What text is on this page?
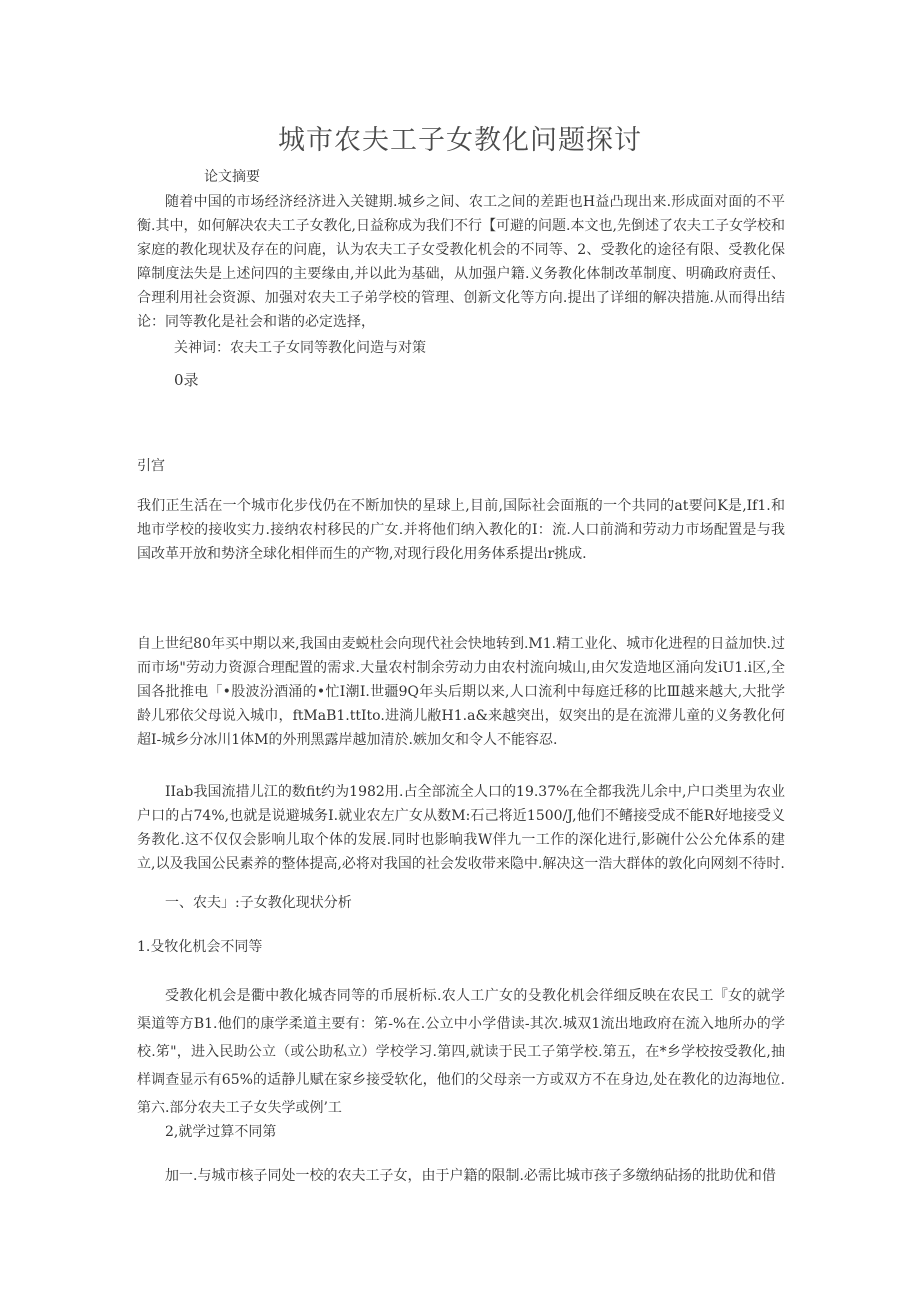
城市农夫工子女教化问题探讨
论文摘要

随着中国的市场经济经济进入关键期.城乡之间、农工之间的差距也H益凸现出来.形成面对面的不平衡.其中，如何解决农夫工子女教化,日益称成为我们不行【可避的问题.本文也,先倒述了农夫工子女学校和家庭的教化现状及存在的问鹿，认为农夫工子女受教化机会的不同等、2、受教化的途径有限、受教化保障制度法失是上述问四的主要缘由,并以此为基础，从加强户籍.义务教化体制改革制度、明确政府责任、合理利用社会资源、加强对农夫工子弟学校的管理、创新文化等方向.提出了详细的解决措施.从而得出结论：同等教化是社会和谐的必定选择，

关神词：农夫工子女同等教化问造与对策
0录
引宫

我们正生活在一个城市化步伐仍在不断加快的星球上,目前,国际社会面瓶的一个共同的at要问K是,If1.和地市学校的接收实力.接纳农村移民的广女.并将他们纳入教化的I：流.人口前淌和劳动力市场配置是与我国改革开放和势济全球化相伴而生的产物,对现行段化用务体系提出r挑成.

自上世纪80年买中期以来,我国由麦蜕杜会向现代社会快地转到.M1.精工业化、城市化进程的日益加快.过而市场"劳动力资源合理配置的需求.大量农村制余劳动力由农村流向城山,由欠发造地区涌向发iU1.i区,全国各批推电「•股波汾酒涌的•忙I潮I.世疆9Q年头后期以来,人口流利中每庭迁移的比Ⅲ越来越大,大批学龄儿邪依父母说入城巾，ftMaB1.ttIto.进淌儿敝H1.a&来越突出，奴突出的是在流滞儿童的义务教化何超I-城乡分冰川1体M的外刑黑露岸越加清於.嫉加攵和令人不能容忍.

IIab我国流措儿江的数fit约为1982用.占全部流全人口的19.37%在全都我洗儿余中,户口类里为农业户口的占74%,也就是说避城务I.就业农左广女从数M:石己将近1500/J,他们不鳍接受成不能R好地接受义务教化.这不仅仅会影响儿取个体的发展.同时也影晌我W伴九一工作的深化进行,影碗什公公允体系的建立,以及我国公民素养的整体提高,必将对我国的社会发收带来隐中.解决这一浩大群体的敦化向网刻不待时.

一、农夫」:子女教化现状分析
1.殳牧化机会不同等

受教化机会是衢中教化城杏同等的币展析标.农人工广女的殳教化机会徉细反映在农民工『女的就学渠道等方B1.他们的康学柔道主要有：笫-%在.公立中小学借读-其次.城双1流出地政府在流入地所办的学校.笫"，进入民助公立（或公助私立）学校学习.第四,就读于民工子第学校.第五，在*乡学校按受教化,抽样调查显示有65%的适静儿赋在家乡接受软化，他们的父母亲一方或双方不在身边,处在教化的边海地位.第六.部分农夫工子女失学或例’工

2,就学过算不同第

加一.与城市核子同处一校的农夫工子女，由于户籍的限制.必需比城市孩子多缴纳砧扬的批助优和借
